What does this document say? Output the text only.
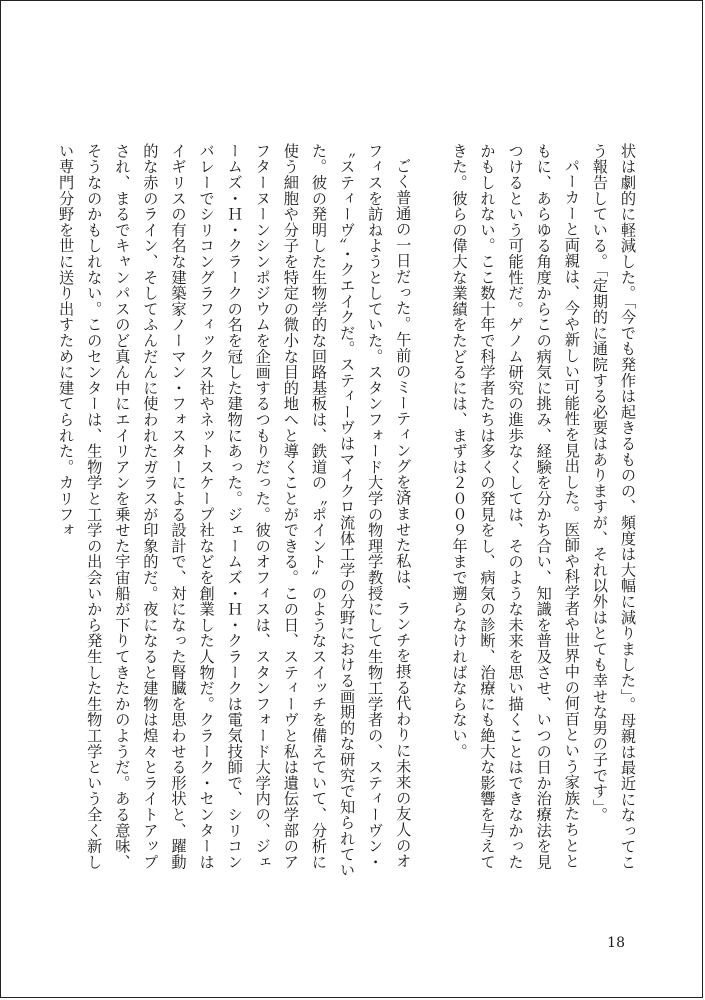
状は劇的に軽減した。「今でも発作は起きるものの、頻度は大幅に減りました」。母親は最近になってこう報告している。「定期的に通院する必要はありますが、それ以外はとても幸せな男の子です」。

パーカーと両親は、今や新しい可能性を見出した。医師や科学者や世界中の何百という家族たちとともに、あらゆる角度からこの病気に挑み、経験を分かち合い、知識を普及させ、いつの日か治療法を見つけるという可能性だ。ゲノム研究の進歩なくしては、そのような未来を思い描くことはできなかったかもしれない。ここ数十年で科学者たちは多くの発見をし、病気の診断、治療にも絶大な影響を与えてきた。彼らの偉大な業績をたどるには、まずは２００９年まで遡らなければならない。

ごく普通の一日だった。午前のミーティングを済ませた私は、ランチを摂る代わりに未来の友人のオフィスを訪ねようとしていた。スタンフォード大学の物理学教授にして生物工学者の、スティーヴン・〝スティーヴ〟・クエイクだ。スティーヴはマイクロ流体工学の分野における画期的な研究で知られていた。彼の発明した生物学的な回路基板は、鉄道の〝ポイント〟のようなスイッチを備えていて、分析に使う細胞や分子を特定の微小な目的地へと導くことができる。この日、スティーヴと私は遺伝学部のアフターヌーンシンポジウムを企画するつもりだった。彼のオフィスは、スタンフォード大学内の、ジェームズ・Ｈ・クラークの名を冠した建物にあった。ジェームズ・Ｈ・クラークは電気技師で、シリコンバレーでシリコングラフィックス社やネットスケープ社などを創業した人物だ。クラーク・センターはイギリスの有名な建築家ノーマン・フォスターによる設計で、対になった腎臓を思わせる形状と、躍動的な赤のライン、そしてふんだんに使われたガラスが印象的だ。夜になると建物は煌々とライトアップされ、まるでキャンパスのど真ん中にエイリアンを乗せた宇宙船が下りてきたかのようだ。ある意味、そうなのかもしれない。このセンターは、生物学と工学の出会いから発生した生物工学という全く新しい専門分野を世に送り出すために建てられた。カリフォ

18
